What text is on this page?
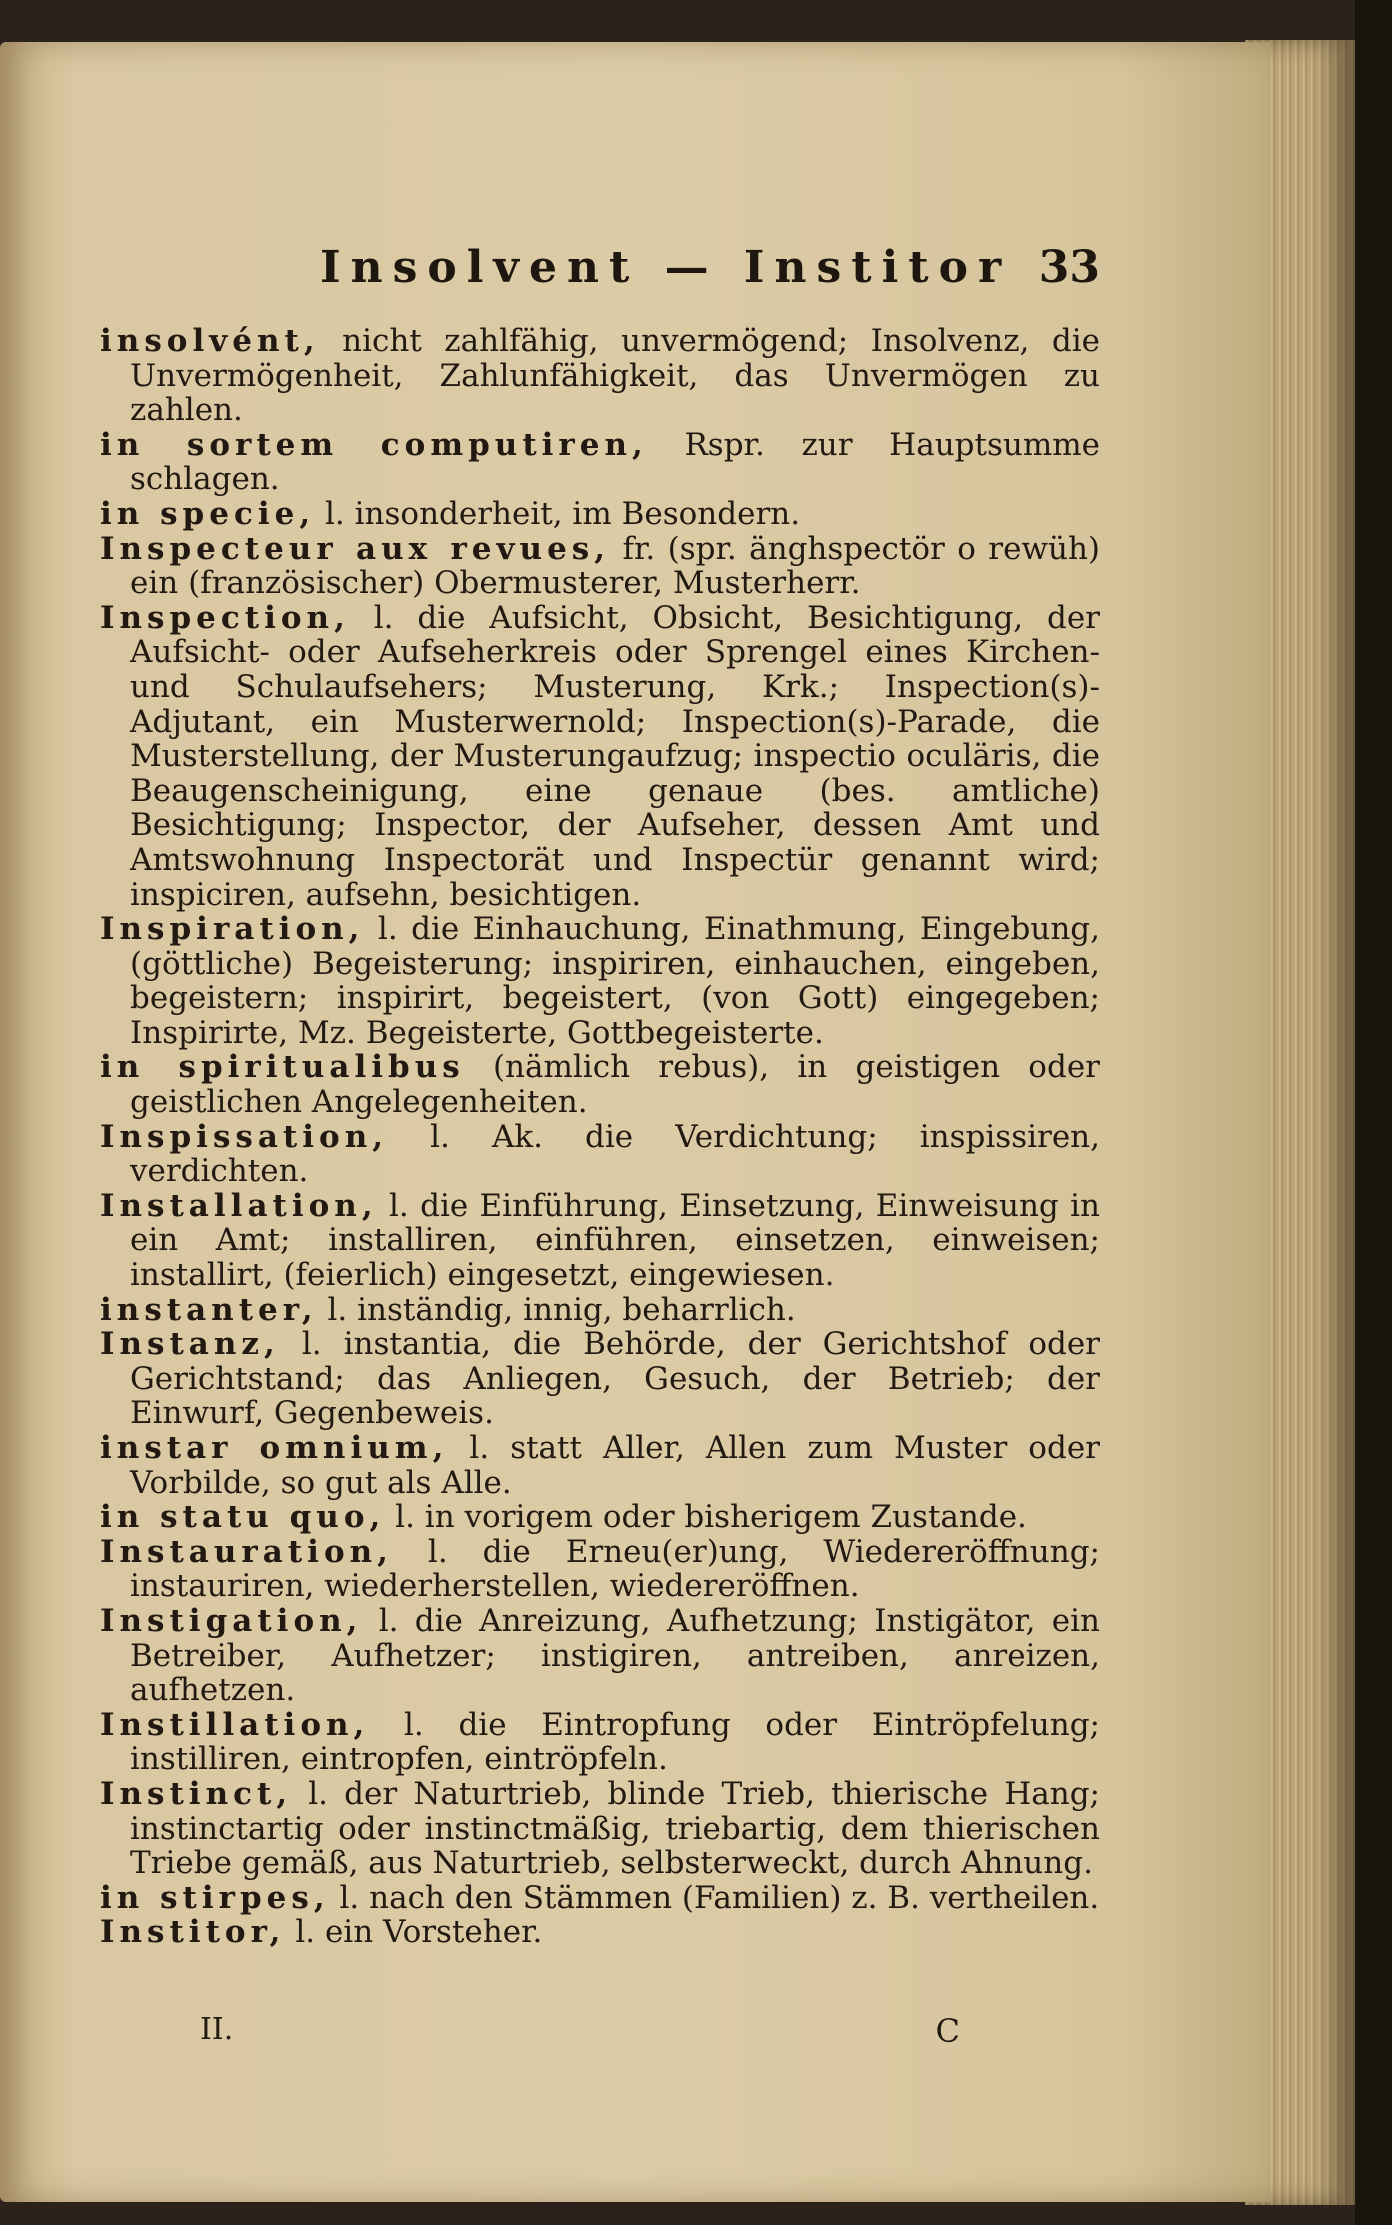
Insolvent — Institor 33

insolvént, nicht zahlfähig, unvermögend; Insolvenz, die Unvermögenheit, Zahlunfähigkeit, das Unvermögen zu zahlen.

in sortem computiren, Rspr. zur Hauptsumme schlagen.

in specie, l. insonderheit, im Besondern.

Inspecteur aux revues, fr. (spr. änghspectör o rewüh) ein (französischer) Obermusterer, Musterherr.

Inspection, l. die Aufsicht, Obsicht, Besichtigung, der Aufsicht- oder Aufseherkreis oder Sprengel eines Kirchen- und Schulaufsehers; Musterung, Krk.; Inspection(s)-Adjutant, ein Musterwernold; Inspection(s)-Parade, die Musterstellung, der Musterungaufzug; inspectio oculäris, die Beaugenscheinigung, eine genaue (bes. amtliche) Besichtigung; Inspector, der Aufseher, dessen Amt und Amtswohnung Inspectorät und Inspectür genannt wird; inspiciren, aufsehn, besichtigen.

Inspiration, l. die Einhauchung, Einathmung, Eingebung, (göttliche) Begeisterung; inspiriren, einhauchen, eingeben, begeistern; inspirirt, begeistert, (von Gott) eingegeben; Inspirirte, Mz. Begeisterte, Gottbegeisterte.

in spiritualibus (nämlich rebus), in geistigen oder geistlichen Angelegenheiten.

Inspissation, l. Ak. die Verdichtung; inspissiren, verdichten.

Installation, l. die Einführung, Einsetzung, Einweisung in ein Amt; installiren, einführen, einsetzen, einweisen; installirt, (feierlich) eingesetzt, eingewiesen.

instanter, l. inständig, innig, beharrlich.

Instanz, l. instantia, die Behörde, der Gerichtshof oder Gerichtstand; das Anliegen, Gesuch, der Betrieb; der Einwurf, Gegenbeweis.

instar omnium, l. statt Aller, Allen zum Muster oder Vorbilde, so gut als Alle.

in statu quo, l. in vorigem oder bisherigem Zustande.

Instauration, l. die Erneu(er)ung, Wiedereröffnung; instauriren, wiederherstellen, wiedereröffnen.

Instigation, l. die Anreizung, Aufhetzung; Instigätor, ein Betreiber, Aufhetzer; instigiren, antreiben, anreizen, aufhetzen.

Instillation, l. die Eintropfung oder Eintröpfelung; instilliren, eintropfen, eintröpfeln.

Instinct, l. der Naturtrieb, blinde Trieb, thierische Hang; instinctartig oder instinctmäßig, triebartig, dem thierischen Triebe gemäß, aus Naturtrieb, selbsterweckt, durch Ahnung.

in stirpes, l. nach den Stämmen (Familien) z. B. vertheilen.

Institor, l. ein Vorsteher.

II.	C
